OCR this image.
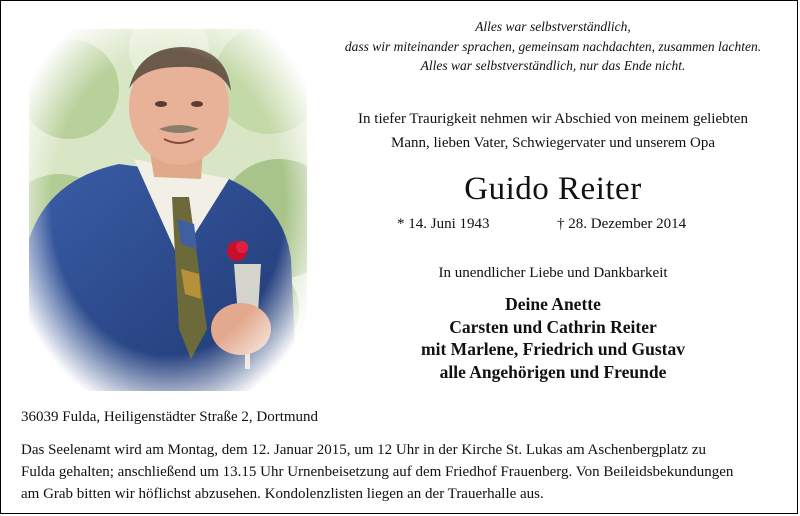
Alles war selbstverständlich,
dass wir miteinander sprachen, gemeinsam nachdachten, zusammen lachten.
Alles war selbstverständlich, nur das Ende nicht.
In tiefer Traurigkeit nehmen wir Abschied von meinem geliebten
Mann, lieben Vater, Schwiegervater und unserem Opa
Guido Reiter
* 14. Juni 1943	† 28. Dezember 2014
In unendlicher Liebe und Dankbarkeit
Deine Anette
Carsten und Cathrin Reiter
mit Marlene, Friedrich und Gustav
alle Angehörigen und Freunde
36039 Fulda, Heiligenstädter Straße 2, Dortmund
Das Seelenamt wird am Montag, dem 12. Januar 2015, um 12 Uhr in der Kirche St. Lukas am Aschenbergplatz zu
Fulda gehalten; anschließend um 13.15 Uhr Urnenbeisetzung auf dem Friedhof Frauenberg. Von Beileidsbekundungen
am Grab bitten wir höflichst abzusehen. Kondolenzlisten liegen an der Trauerhalle aus.
